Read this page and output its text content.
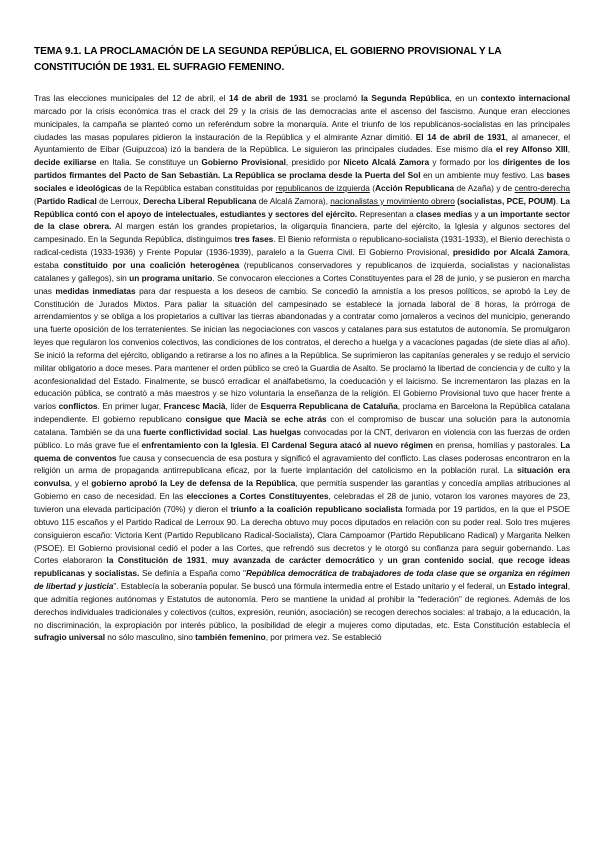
TEMA 9.1. LA PROCLAMACIÓN DE LA SEGUNDA REPÚBLICA, EL GOBIERNO PROVISIONAL Y LA CONSTITUCIÓN DE 1931. EL SUFRAGIO FEMENINO.
Tras las elecciones municipales del 12 de abril, el 14 de abril de 1931 se proclamó la Segunda República, en un contexto internacional marcado por la crisis económica tras el crack del 29 y la crisis de las democracias ante el ascenso del fascismo. Aunque eran elecciones municipales, la campaña se planteó como un referéndum sobre la monarquía. Ante el triunfo de los republicanos-socialistas en las principales ciudades las masas populares pidieron la instauración de la República y el almirante Aznar dimitió. El 14 de abril de 1931, al amanecer, el Ayuntamiento de Eibar (Guipuzcoa) izó la bandera de la República. Le siguieron las principales ciudades. Ese mismo día el rey Alfonso XIII, decide exiliarse en Italia. Se constituye un Gobierno Provisional, presidido por Niceto Alcalá Zamora y formado por los dirigentes de los partidos firmantes del Pacto de San Sebastián. La República se proclama desde la Puerta del Sol en un ambiente muy festivo. Las bases sociales e ideológicas de la República estaban constituidas por republicanos de izquierda (Acción Republicana de Azaña) y de centro-derecha (Partido Radical de Lerroux, Derecha Liberal Republicana de Alcalá Zamora), nacionalistas y movimiento obrero (socialistas, PCE, POUM). La República contó con el apoyo de intelectuales, estudiantes y sectores del ejército. Representan a clases medias y a un importante sector de la clase obrera. Al margen están los grandes propietarios, la oligarquía financiera, parte del ejército, la Iglesia y algunos sectores del campesinado. En la Segunda República, distinguimos tres fases. El Bienio reformista o republicano-socialista (1931-1933), el Bienio derechista o radical-cedista (1933-1936) y Frente Popular (1936-1939), paralelo a la Guerra Civil. El Gobierno Provisional, presidido por Alcalá Zamora, estaba constituido por una coalición heterogénea (republicanos conservadores y republicanos de izquierda, socialistas y nacionalistas catalanes y gallegos), sin un programa unitario. Se convocaron elecciones a Cortes Constituyentes para el 28 de junio, y se pusieron en marcha unas medidas inmediatas para dar respuesta a los deseos de cambio. Se concedió la amnistía a los presos políticos, se aprobó la Ley de Constitución de Jurados Mixtos. Para paliar la situación del campesinado se establece la jornada laboral de 8 horas, la prórroga de arrendamientos y se obliga a los propietarios a cultivar las tierras abandonadas y a contratar como jornaleros a vecinos del municipio, generando una fuerte oposición de los terratenientes. Se inician las negociaciones con vascos y catalanes para sus estatutos de autonomía. Se promulgaron leyes que regularon los convenios colectivos, las condiciones de los contratos, el derecho a huelga y a vacaciones pagadas (de siete días al año). Se inició la reforma del ejército, obligando a retirarse a los no afines a la República. Se suprimieron las capitanías generales y se redujo el servicio militar obligatorio a doce meses. Para mantener el orden público se creó la Guardia de Asalto. Se proclamó la libertad de conciencia y de culto y la aconfesionalidad del Estado. Finalmente, se buscó erradicar el analfabetismo, la coeducación y el laicismo. Se incrementaron las plazas en la educación pública, se contrató a más maestros y se hizo voluntaria la enseñanza de la religión. El Gobierno Provisional tuvo que hacer frente a varios conflictos. En primer lugar, Francesc Macià, líder de Esquerra Republicana de Cataluña, proclama en Barcelona la República catalana independiente. El gobierno republicano consigue que Macià se eche atrás con el compromiso de buscar una solución para la autonomía catalana. También se da una fuerte conflictividad social. Las huelgas convocadas por la CNT, derivaron en violencia con las fuerzas de orden público. Lo más grave fue el enfrentamiento con la Iglesia. El Cardenal Segura atacó al nuevo régimen en prensa, homilías y pastorales. La quema de conventos fue causa y consecuencia de esa postura y significó el agravamiento del conflicto. Las clases poderosas encontraron en la religión un arma de propaganda antirrepublicana eficaz, por la fuerte implantación del catolicismo en la población rural. La situación era convulsa, y el gobierno aprobó la Ley de defensa de la República, que permitía suspender las garantías y concedía amplias atribuciones al Gobierno en caso de necesidad. En las elecciones a Cortes Constituyentes, celebradas el 28 de junio, votaron los varones mayores de 23, tuvieron una elevada participación (70%) y dieron el triunfo a la coalición republicano socialista formada por 19 partidos, en la que el PSOE obtuvo 115 escaños y el Partido Radical de Lerroux 90. La derecha obtuvo muy pocos diputados en relación con su poder real. Solo tres mujeres consiguieron escaño: Victoria Kent (Partido Republicano Radical-Socialista), Clara Campoamor (Partido Republicano Radical) y Margarita Nelken (PSOE). El Gobierno provisional cedió el poder a las Cortes, que refrendó sus decretos y le otorgó su confianza para seguir gobernando. Las Cortes elaboraron la Constitución de 1931, muy avanzada de carácter democrático y un gran contenido social, que recoge ideas republicanas y socialistas. Se definía a España como "República democrática de trabajadores de toda clase que se organiza en régimen de libertad y justicia". Establecía la soberanía popular. Se buscó una fórmula intermedia entre el Estado unitario y el federal, un Estado integral, que admitía regiones autónomas y Estatutos de autonomía. Pero se mantiene la unidad al prohibir la "federación" de regiones. Además de los derechos individuales tradicionales y colectivos (cultos, expresión, reunión, asociación) se recogen derechos sociales: al trabajo, a la educación, la no discriminación, la expropiación por interés público, la posibilidad de elegir a mujeres como diputadas, etc. Esta Constitución establecía el sufragio universal no sólo masculino, sino también femenino, por primera vez. Se estableció
